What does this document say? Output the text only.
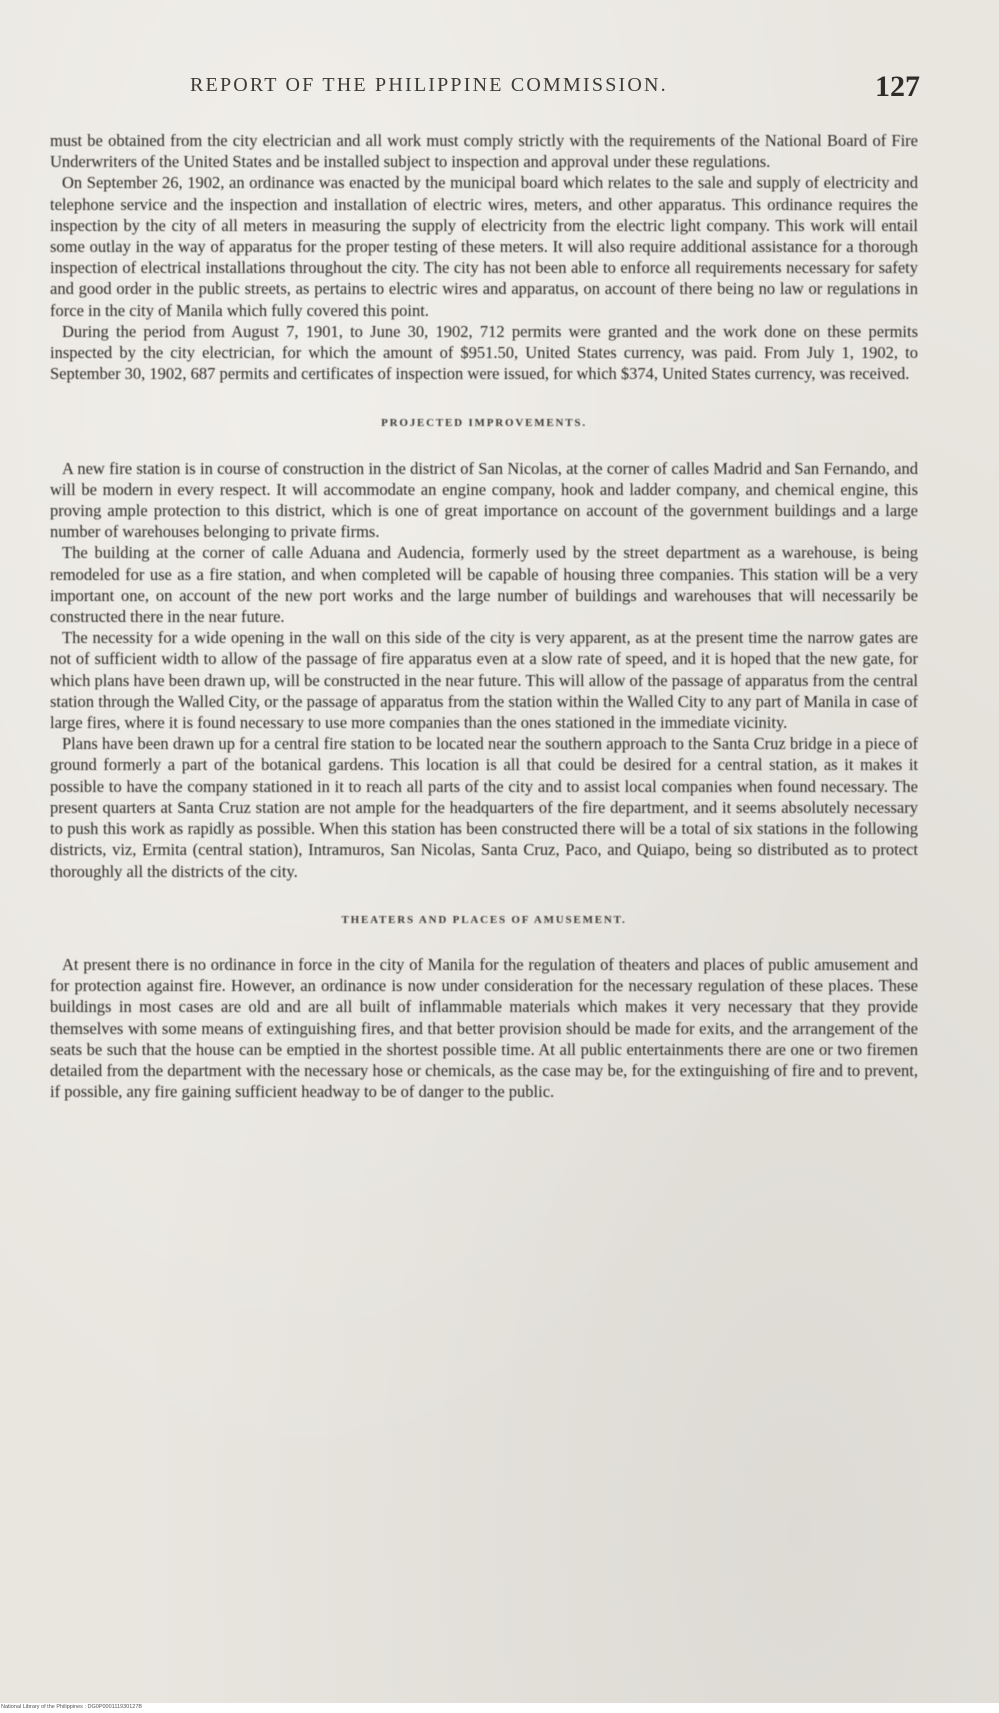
REPORT OF THE PHILIPPINE COMMISSION.	127

must be obtained from the city electrician and all work must comply strictly with the requirements of the National Board of Fire Underwriters of the United States and be installed subject to inspection and approval under these regulations.

On September 26, 1902, an ordinance was enacted by the municipal board which relates to the sale and supply of electricity and telephone service and the inspection and installation of electric wires, meters, and other apparatus. This ordinance requires the inspection by the city of all meters in measuring the supply of electricity from the electric light company. This work will entail some outlay in the way of apparatus for the proper testing of these meters. It will also require additional assistance for a thorough inspection of electrical installations throughout the city. The city has not been able to enforce all requirements necessary for safety and good order in the public streets, as pertains to electric wires and apparatus, on account of there being no law or regulations in force in the city of Manila which fully covered this point.

During the period from August 7, 1901, to June 30, 1902, 712 permits were granted and the work done on these permits inspected by the city electrician, for which the amount of $951.50, United States currency, was paid. From July 1, 1902, to September 30, 1902, 687 permits and certificates of inspection were issued, for which $374, United States currency, was received.

PROJECTED IMPROVEMENTS.

A new fire station is in course of construction in the district of San Nicolas, at the corner of calles Madrid and San Fernando, and will be modern in every respect. It will accommodate an engine company, hook and ladder company, and chemical engine, this proving ample protection to this district, which is one of great importance on account of the government buildings and a large number of warehouses belonging to private firms.

The building at the corner of calle Aduana and Audencia, formerly used by the street department as a warehouse, is being remodeled for use as a fire station, and when completed will be capable of housing three companies. This station will be a very important one, on account of the new port works and the large number of buildings and warehouses that will necessarily be constructed there in the near future.

The necessity for a wide opening in the wall on this side of the city is very apparent, as at the present time the narrow gates are not of sufficient width to allow of the passage of fire apparatus even at a slow rate of speed, and it is hoped that the new gate, for which plans have been drawn up, will be constructed in the near future. This will allow of the passage of apparatus from the central station through the Walled City, or the passage of apparatus from the station within the Walled City to any part of Manila in case of large fires, where it is found necessary to use more companies than the ones stationed in the immediate vicinity.

Plans have been drawn up for a central fire station to be located near the southern approach to the Santa Cruz bridge in a piece of ground formerly a part of the botanical gardens. This location is all that could be desired for a central station, as it makes it possible to have the company stationed in it to reach all parts of the city and to assist local companies when found necessary. The present quarters at Santa Cruz station are not ample for the headquarters of the fire department, and it seems absolutely necessary to push this work as rapidly as possible. When this station has been constructed there will be a total of six stations in the following districts, viz, Ermita (central station), Intramuros, San Nicolas, Santa Cruz, Paco, and Quiapo, being so distributed as to protect thoroughly all the districts of the city.

THEATERS AND PLACES OF AMUSEMENT.

At present there is no ordinance in force in the city of Manila for the regulation of theaters and places of public amusement and for protection against fire. However, an ordinance is now under consideration for the necessary regulation of these places. These buildings in most cases are old and are all built of inflammable materials which makes it very necessary that they provide themselves with some means of extinguishing fires, and that better provision should be made for exits, and the arrangement of the seats be such that the house can be emptied in the shortest possible time. At all public entertainments there are one or two firemen detailed from the department with the necessary hose or chemicals, as the case may be, for the extinguishing of fire and to prevent, if possible, any fire gaining sufficient headway to be of danger to the public.

National Library of the Philippines : DG0P000111930127B
